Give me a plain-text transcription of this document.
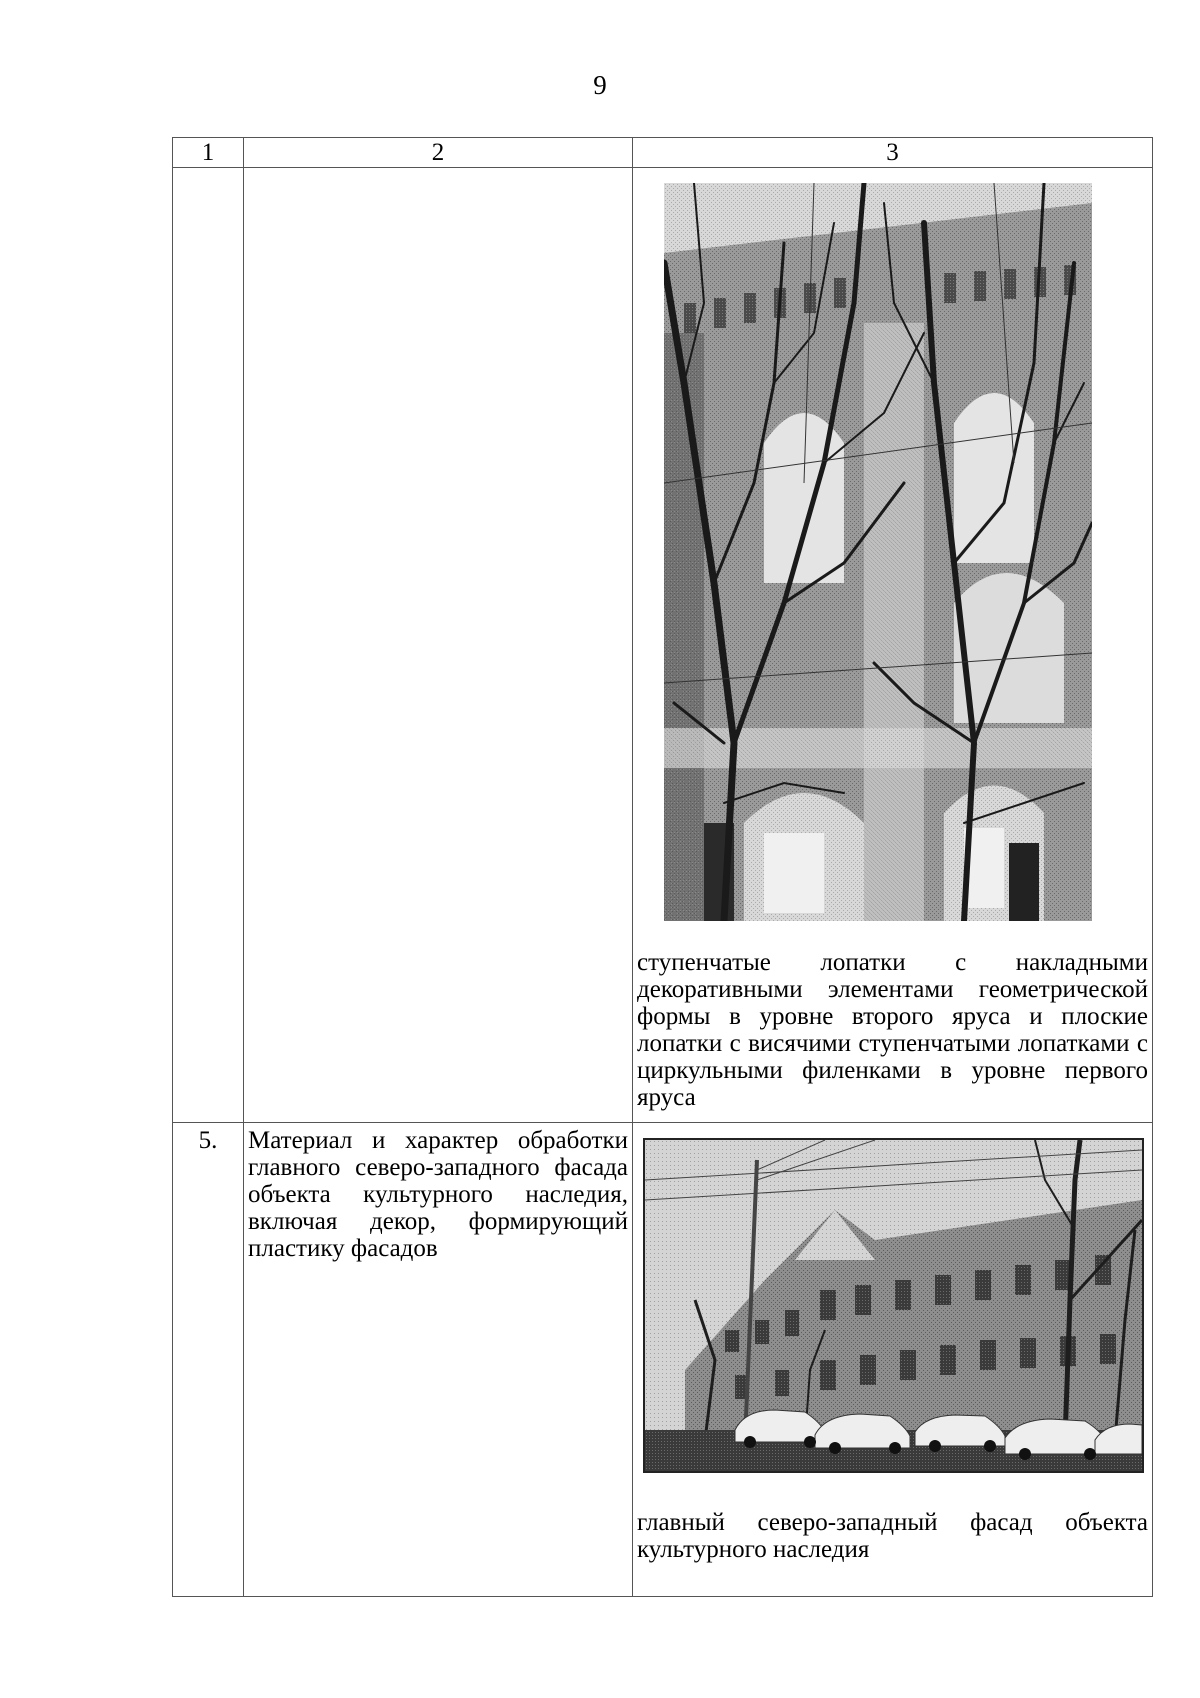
9
1	2	3

		ступенчатые лопатки с накладными декоративными элементами геометрической формы в уровне второго яруса и плоские лопатки с висячими ступенчатыми лопатками с циркульными филенками в уровне первого яруса

5.	Материал и характер обработки главного северо-западного фасада объекта культурного наследия, включая декор, формирующий пластику фасадов	главный северо-западный фасад объекта культурного наследия
